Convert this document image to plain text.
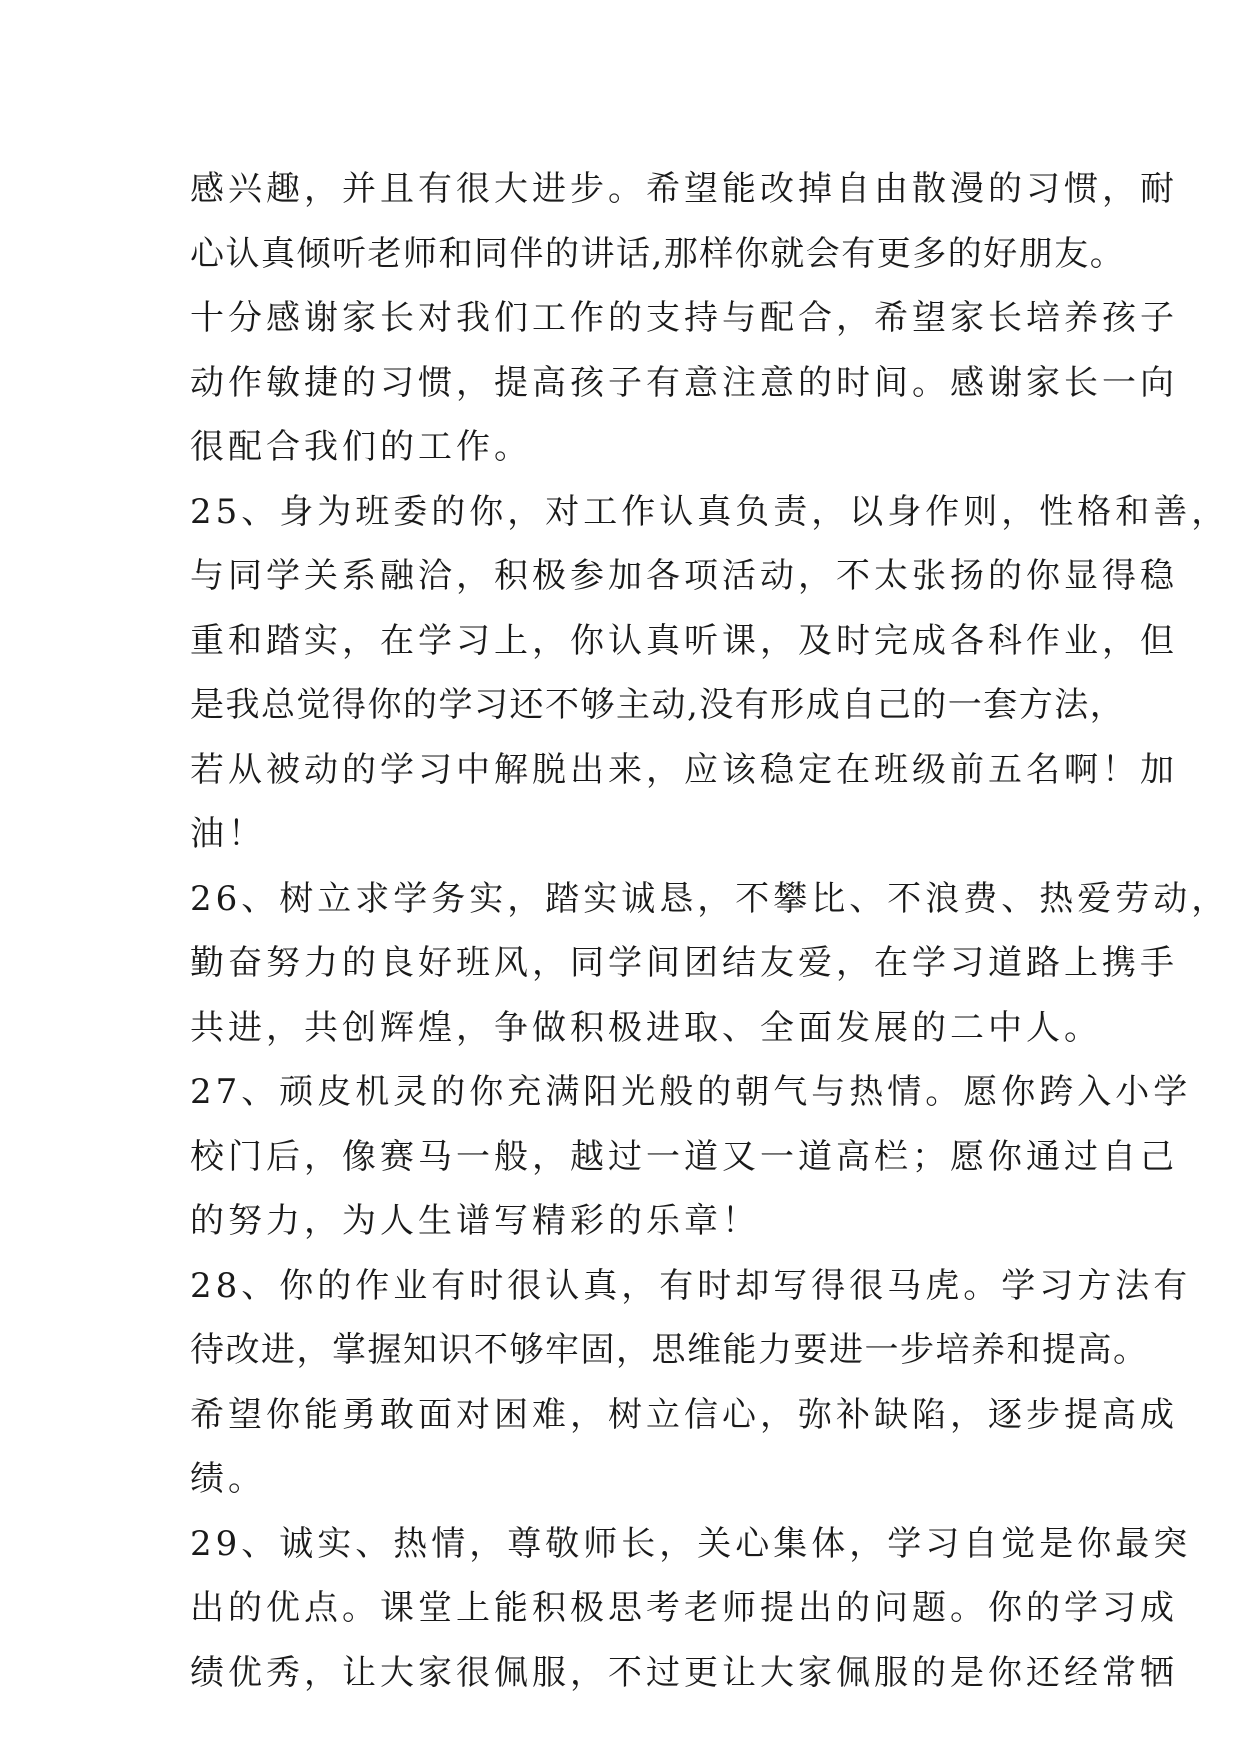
感兴趣，并且有很大进步。希望能改掉自由散漫的习惯，耐
心认真倾听老师和同伴的讲话,那样你就会有更多的好朋友。
十分感谢家长对我们工作的支持与配合，希望家长培养孩子
动作敏捷的习惯，提高孩子有意注意的时间。感谢家长一向
很配合我们的工作。
25、身为班委的你，对工作认真负责，以身作则，性格和善，
与同学关系融洽，积极参加各项活动，不太张扬的你显得稳
重和踏实，在学习上，你认真听课，及时完成各科作业，但
是我总觉得你的学习还不够主动,没有形成自己的一套方法，
若从被动的学习中解脱出来，应该稳定在班级前五名啊！加
油！
26、树立求学务实，踏实诚恳，不攀比、不浪费、热爱劳动，
勤奋努力的良好班风，同学间团结友爱，在学习道路上携手
共进，共创辉煌，争做积极进取、全面发展的二中人。
27、顽皮机灵的你充满阳光般的朝气与热情。愿你跨入小学
校门后，像赛马一般，越过一道又一道高栏；愿你通过自己
的努力，为人生谱写精彩的乐章！
28、你的作业有时很认真，有时却写得很马虎。学习方法有
待改进，掌握知识不够牢固，思维能力要进一步培养和提高。
希望你能勇敢面对困难，树立信心，弥补缺陷，逐步提高成
绩。
29、诚实、热情，尊敬师长，关心集体，学习自觉是你最突
出的优点。课堂上能积极思考老师提出的问题。你的学习成
绩优秀，让大家很佩服，不过更让大家佩服的是你还经常牺
